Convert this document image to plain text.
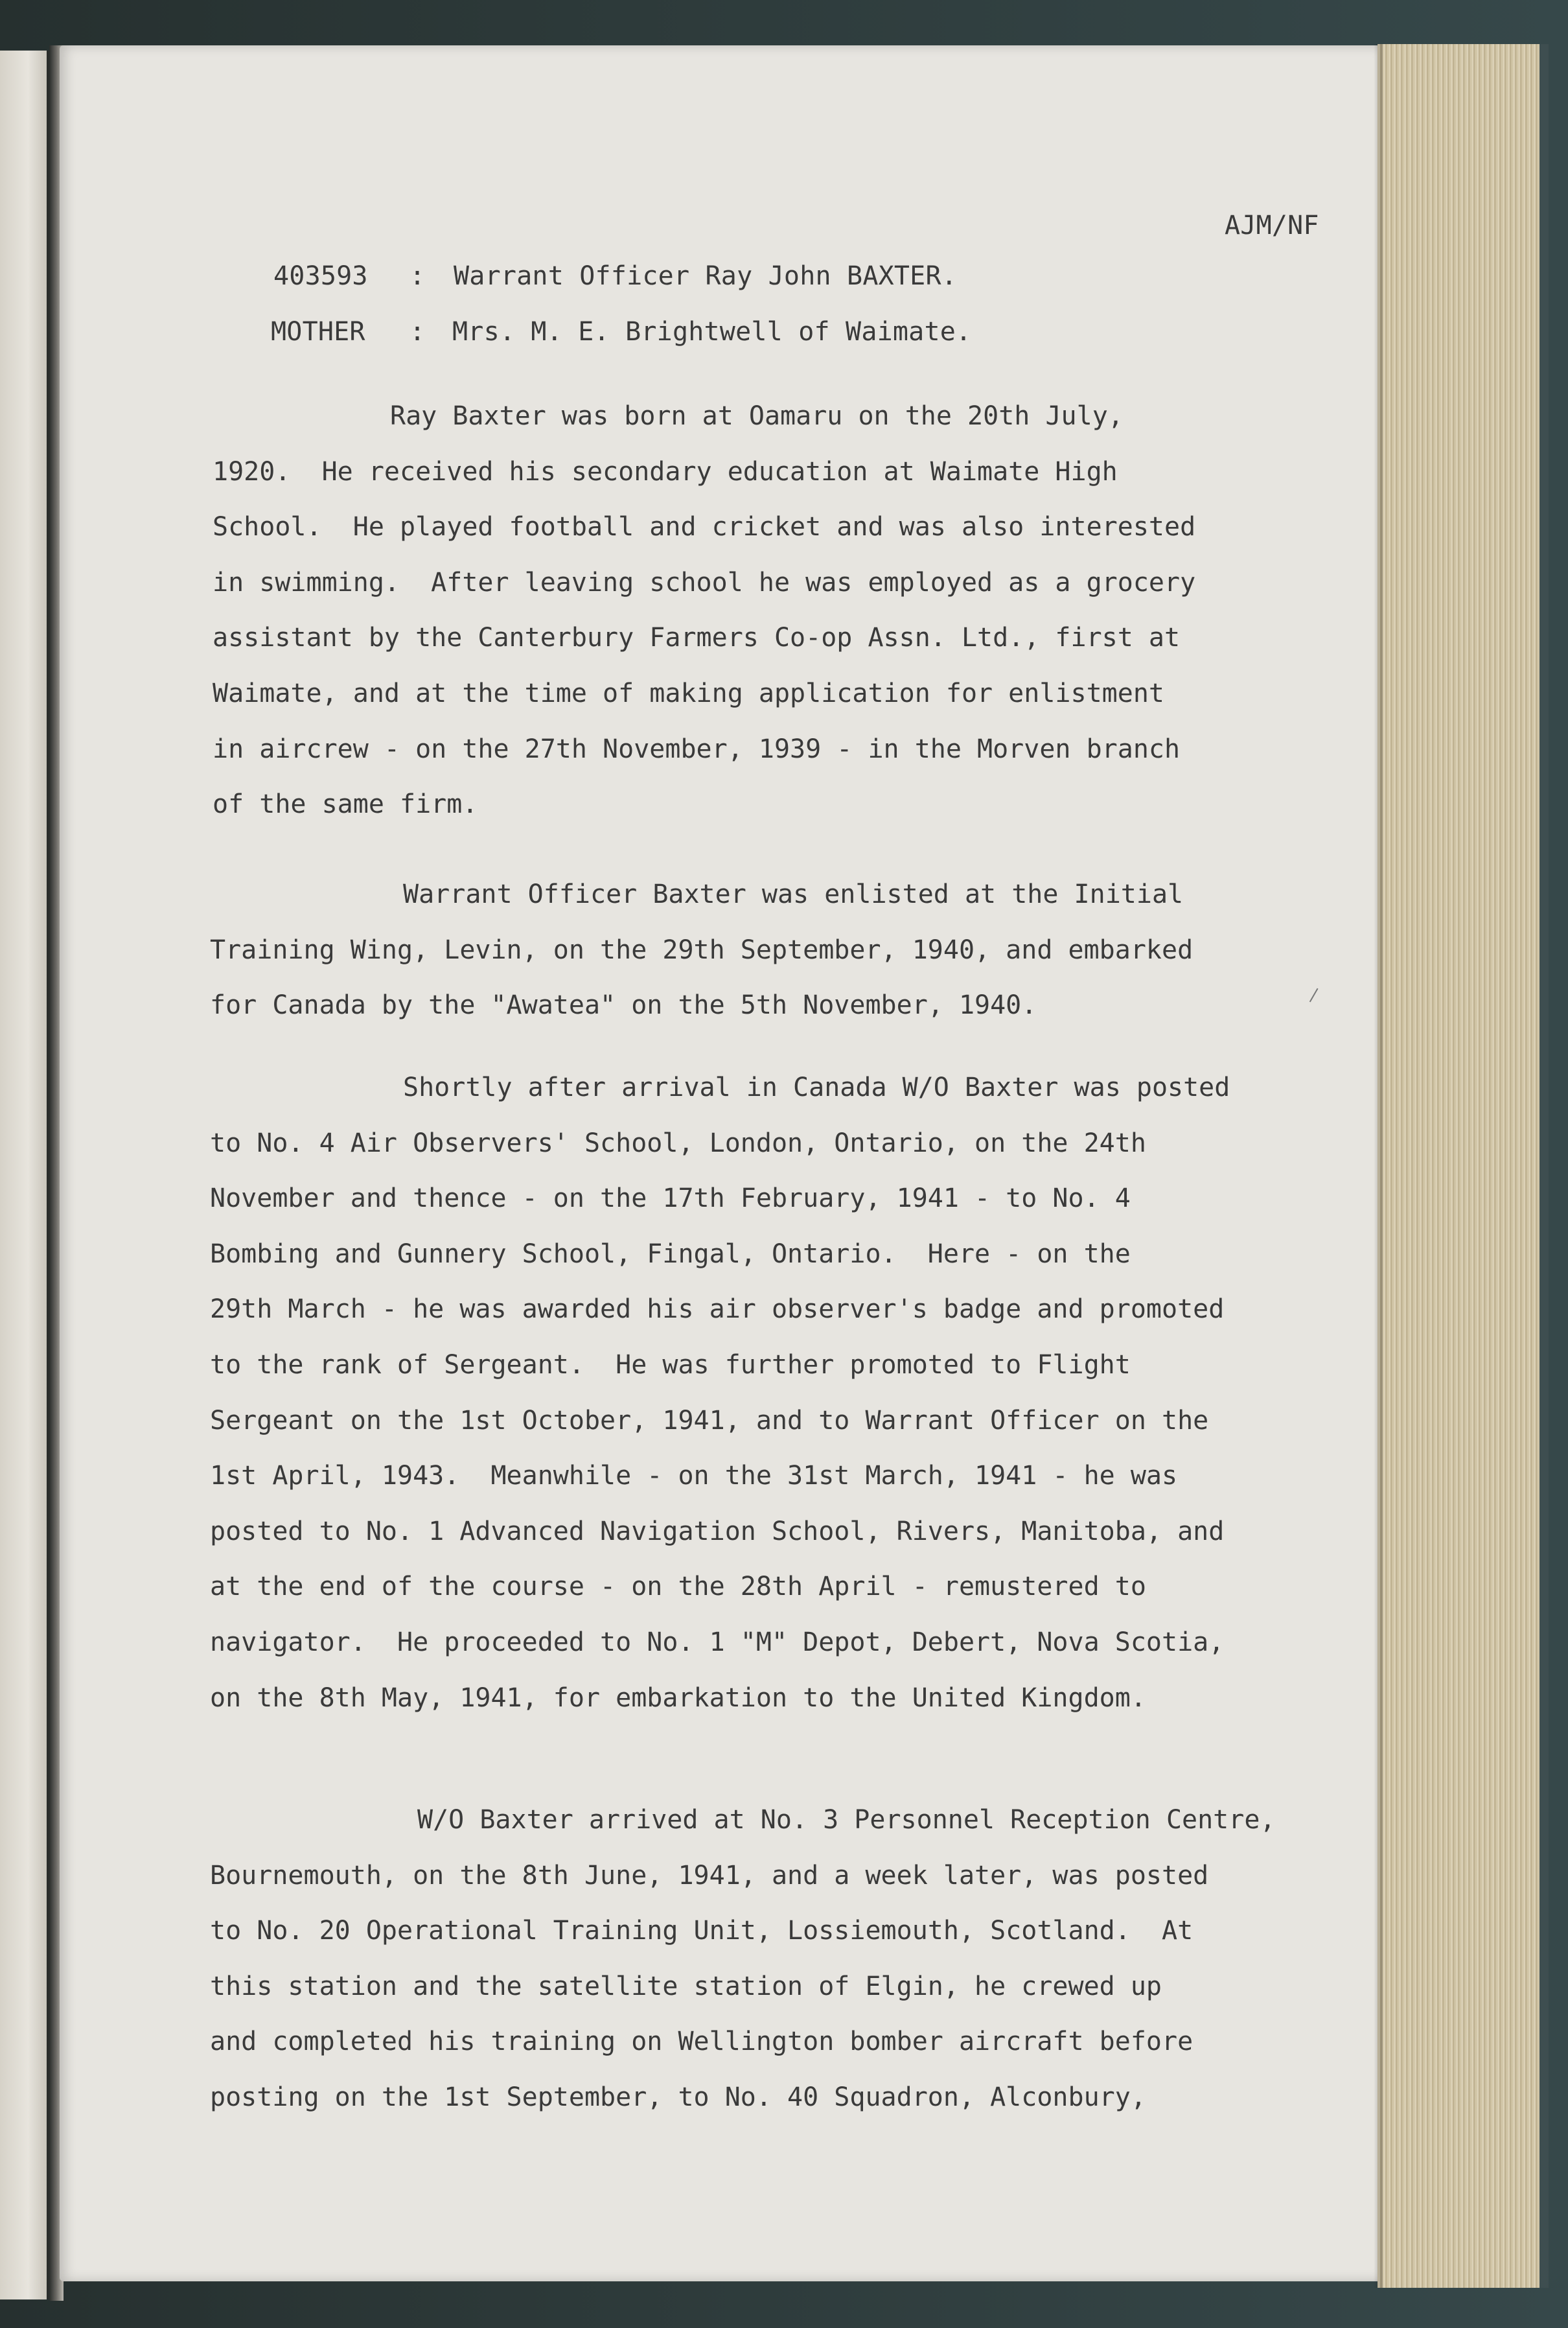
AJM/NF
403593 : Warrant Officer Ray John BAXTER.
MOTHER : Mrs. M. E. Brightwell of Waimate.
Ray Baxter was born at Oamaru on the 20th July,
1920.  He received his secondary education at Waimate High
School.  He played football and cricket and was also interested
in swimming.  After leaving school he was employed as a grocery
assistant by the Canterbury Farmers Co-op Assn. Ltd., first at
Waimate, and at the time of making application for enlistment
in aircrew - on the 27th November, 1939 - in the Morven branch
of the same firm.
Warrant Officer Baxter was enlisted at the Initial
Training Wing, Levin, on the 29th September, 1940, and embarked
for Canada by the "Awatea" on the 5th November, 1940.
Shortly after arrival in Canada W/O Baxter was posted
to No. 4 Air Observers' School, London, Ontario, on the 24th
November and thence - on the 17th February, 1941 - to No. 4
Bombing and Gunnery School, Fingal, Ontario.  Here - on the
29th March - he was awarded his air observer's badge and promoted
to the rank of Sergeant.  He was further promoted to Flight
Sergeant on the 1st October, 1941, and to Warrant Officer on the
1st April, 1943.  Meanwhile - on the 31st March, 1941 - he was
posted to No. 1 Advanced Navigation School, Rivers, Manitoba, and
at the end of the course - on the 28th April - remustered to
navigator.  He proceeded to No. 1 "M" Depot, Debert, Nova Scotia,
on the 8th May, 1941, for embarkation to the United Kingdom.
W/O Baxter arrived at No. 3 Personnel Reception Centre,
Bournemouth, on the 8th June, 1941, and a week later, was posted
to No. 20 Operational Training Unit, Lossiemouth, Scotland.  At
this station and the satellite station of Elgin, he crewed up
and completed his training on Wellington bomber aircraft before
posting on the 1st September, to No. 40 Squadron, Alconbury,
